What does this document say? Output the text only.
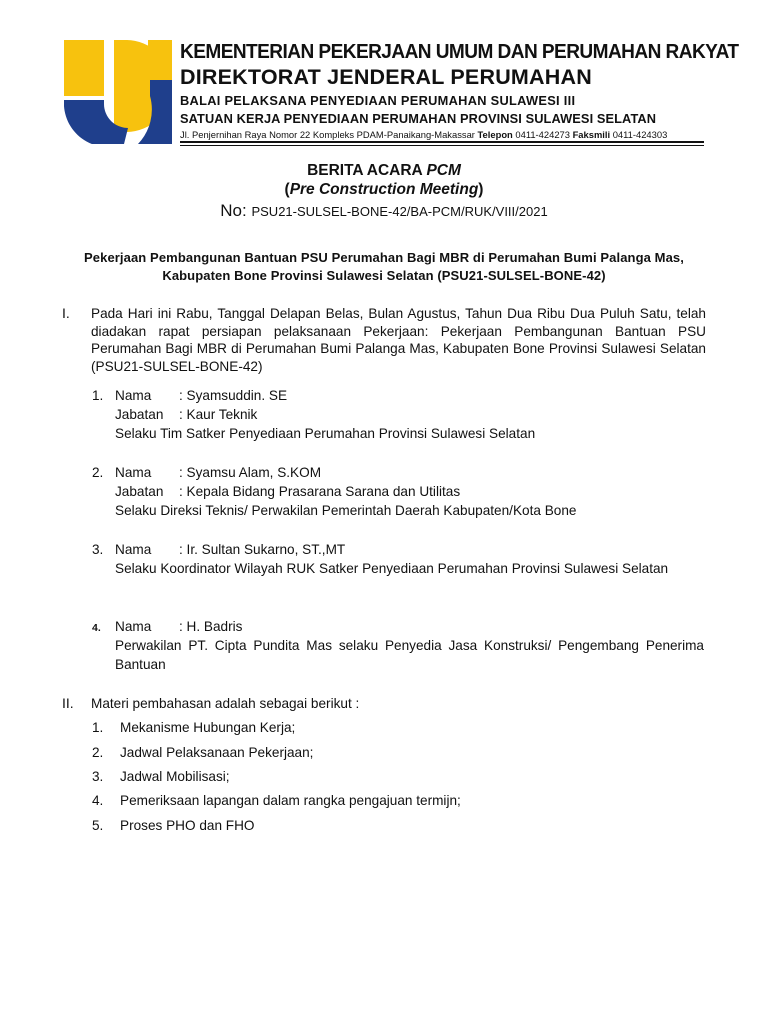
KEMENTERIAN PEKERJAAN UMUM DAN PERUMAHAN RAKYAT
DIREKTORAT JENDERAL PERUMAHAN
BALAI PELAKSANA PENYEDIAAN PERUMAHAN SULAWESI III
SATUAN KERJA PENYEDIAAN PERUMAHAN PROVINSI SULAWESI SELATAN
Jl. Penjernihan Raya Nomor 22 Kompleks PDAM-Panaikang-Makassar Telepon 0411-424273 Faksmili 0411-424303
BERITA ACARA PCM
(Pre Construction Meeting)
No: PSU21-SULSEL-BONE-42/BA-PCM/RUK/VIII/2021
Pekerjaan Pembangunan Bantuan PSU Perumahan Bagi MBR di Perumahan Bumi Palanga Mas, Kabupaten Bone Provinsi Sulawesi Selatan (PSU21-SULSEL-BONE-42)
I.	Pada Hari ini Rabu, Tanggal Delapan Belas, Bulan Agustus, Tahun Dua Ribu Dua Puluh Satu, telah diadakan rapat persiapan pelaksanaan Pekerjaan: Pekerjaan Pembangunan Bantuan PSU Perumahan Bagi MBR di Perumahan Bumi Palanga Mas, Kabupaten Bone Provinsi Sulawesi Selatan (PSU21-SULSEL-BONE-42)
1. Nama	: Syamsuddin. SE
Jabatan	: Kaur Teknik
Selaku Tim Satker Penyediaan Perumahan Provinsi Sulawesi Selatan
2. Nama	: Syamsu Alam, S.KOM
Jabatan	: Kepala Bidang Prasarana Sarana dan Utilitas
Selaku Direksi Teknis/ Perwakilan Pemerintah Daerah Kabupaten/Kota Bone
3. Nama	: Ir. Sultan Sukarno, ST.,MT
Selaku Koordinator Wilayah RUK Satker Penyediaan Perumahan Provinsi Sulawesi Selatan
4. Nama	: H. Badris
Perwakilan PT. Cipta Pundita Mas selaku Penyedia Jasa Konstruksi/ Pengembang Penerima Bantuan
II.	Materi pembahasan adalah sebagai berikut :
1. Mekanisme Hubungan Kerja;
2. Jadwal Pelaksanaan Pekerjaan;
3. Jadwal Mobilisasi;
4. Pemeriksaan lapangan dalam rangka pengajuan termijn;
5. Proses PHO dan FHO
